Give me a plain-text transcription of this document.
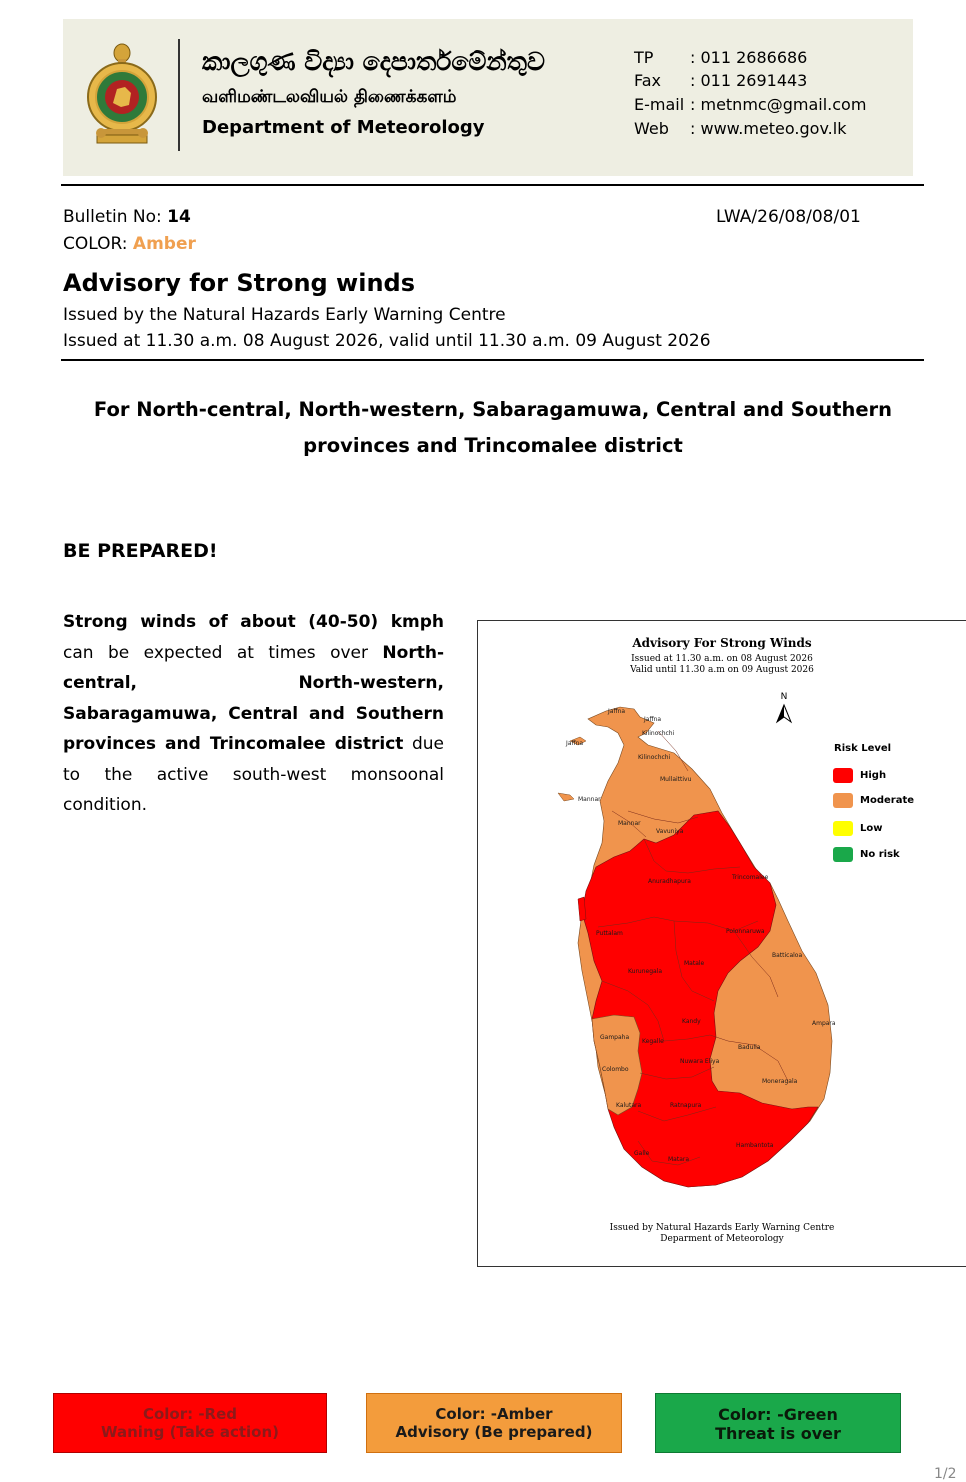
කාලගුණ විද්‍යා දෙපාර්තමේන්තුව
வளிமண்டலவியல் திணைக்களம்
Department of Meteorology
TP : 011 2686686
Fax : 011 2691443
E-mail : metnmc@gmail.com
Web : www.meteo.gov.lk
Bulletin No: 14
COLOR: Amber
LWA/26/08/08/01
Advisory for Strong winds
Issued by the Natural Hazards Early Warning Centre
Issued at 11.30 a.m. 08 August 2026, valid until 11.30 a.m. 09 August 2026
For North-central, North-western, Sabaragamuwa, Central and Southern
provinces and Trincomalee district
BE PREPARED!
Strong winds of about (40-50) kmph can be expected at times over North-central, North-western, Sabaragamuwa, Central and Southern provinces and Trincomalee district due to the active south-west monsoonal condition.
Advisory For Strong Winds
Issued at 11.30 a.m. on 08 August 2026
Valid until 11.30 a.m on 09 August 2026
N
Jaffna
Jaffna
Kilinochchi
Jaffna
Kilinochchi
Mullaittivu
Mannar
Mannar
Vavuniya
Anuradhapura
Trincomalee
Puttalam	Polonnaruwa
Batticaloa
Matale
Kurunegala
Kandy	Ampara
Gampaha
Kegalle
Badulla
Nuwara Eliya
Colombo
Moneragala
Kalutara	Ratnapura
Hambantota
Galle
Matara
Risk Level
High
Moderate
Low
No risk
Issued by Natural Hazards Early Warning Centre
Deparment of Meteorology
Color: -Red
Waning (Take action)
Color: -Amber
Advisory (Be prepared)
Color: -Green
Threat is over
1/2
